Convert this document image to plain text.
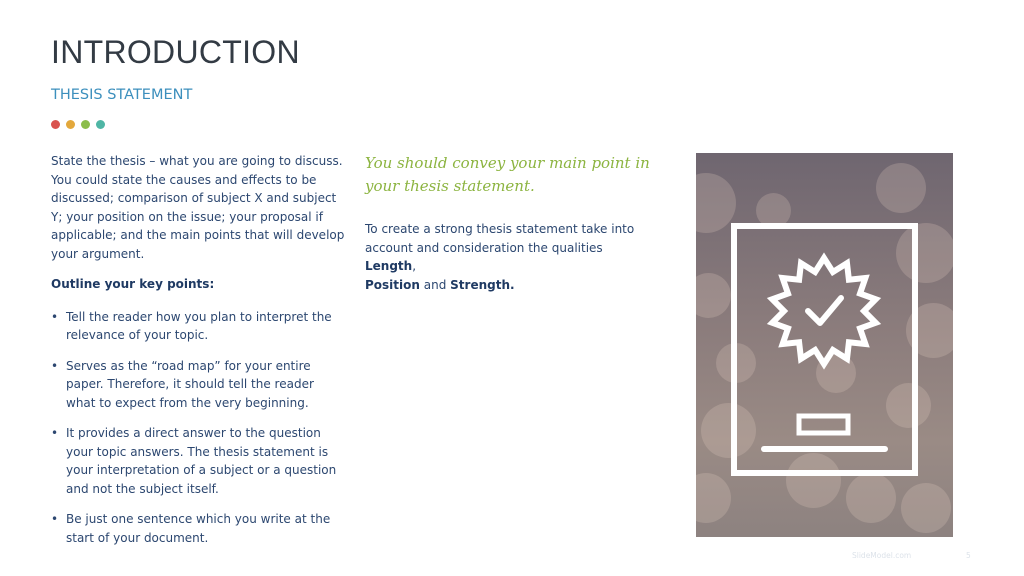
INTRODUCTION
THESIS STATEMENT

State the thesis – what you are going to discuss. You could state the causes and effects to be discussed; comparison of subject X and subject Y; your position on the issue; your proposal if applicable; and the main points that will develop your argument.

Outline your key points:

• Tell the reader how you plan to interpret the relevance of your topic.
• Serves as the “road map” for your entire paper. Therefore, it should tell the reader what to expect from the very beginning.
• It provides a direct answer to the question your topic answers. The thesis statement is your interpretation of a subject or a question and not the subject itself.
• Be just one sentence which you write at the start of your document.

You should convey your main point in your thesis statement.

To create a strong thesis statement take into account and consideration the qualities Length,
Position and Strength.

SlideModel.com	5
